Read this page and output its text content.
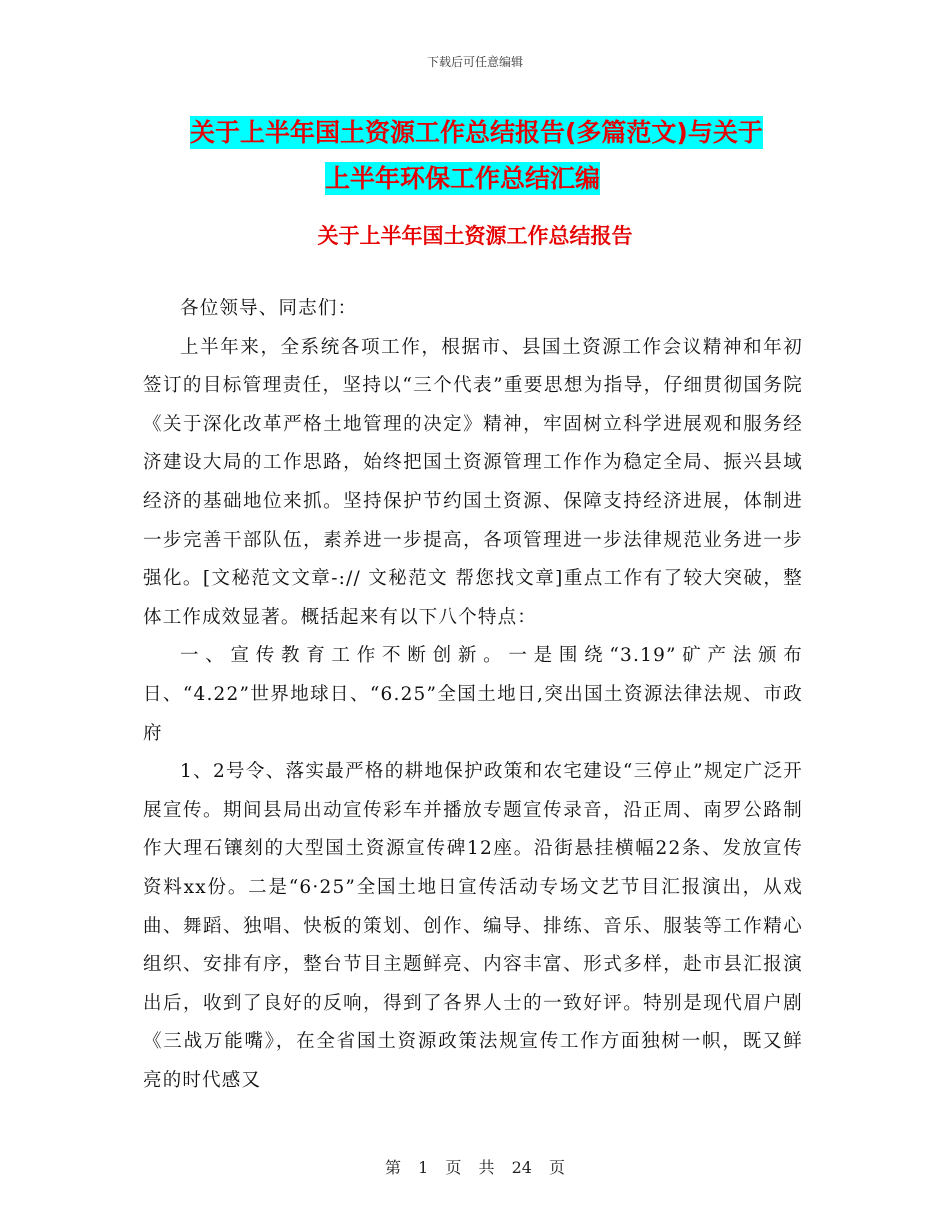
下载后可任意编辑
关于上半年国土资源工作总结报告(多篇范文)与关于
上半年环保工作总结汇编
关于上半年国土资源工作总结报告

各位领导、同志们：

上半年来，全系统各项工作，根据市、县国土资源工作会议精神和年初签订的目标管理责任，坚持以“三个代表”重要思想为指导，仔细贯彻国务院《关于深化改革严格土地管理的决定》精神，牢固树立科学进展观和服务经济建设大局的工作思路，始终把国土资源管理工作作为稳定全局、振兴县域经济的基础地位来抓。坚持保护节约国土资源、保障支持经济进展，体制进一步完善干部队伍，素养进一步提高，各项管理进一步法律规范业务进一步强化。[文秘范文文章-:// 文秘范文 帮您找文章]重点工作有了较大突破，整体工作成效显著。概括起来有以下八个特点：

一、宣传教育工作不断创新。一是围绕“3.19”矿产法颁布日、“4.22”世界地球日、“6.25”全国土地日,突出国土资源法律法规、市政府

1、2号令、落实最严格的耕地保护政策和农宅建设“三停止”规定广泛开展宣传。期间县局出动宣传彩车并播放专题宣传录音，沿正周、南罗公路制作大理石镶刻的大型国土资源宣传碑12座。沿街悬挂横幅22条、发放宣传资料xx份。二是“6·25”全国土地日宣传活动专场文艺节目汇报演出，从戏曲、舞蹈、独唱、快板的策划、创作、编导、排练、音乐、服装等工作精心组织、安排有序，整台节目主题鲜亮、内容丰富、形式多样，赴市县汇报演出后，收到了良好的反响，得到了各界人士的一致好评。特别是现代眉户剧《三战万能嘴》，在全省国土资源政策法规宣传工作方面独树一帜，既又鲜亮的时代感又

第 1 页 共 24 页
